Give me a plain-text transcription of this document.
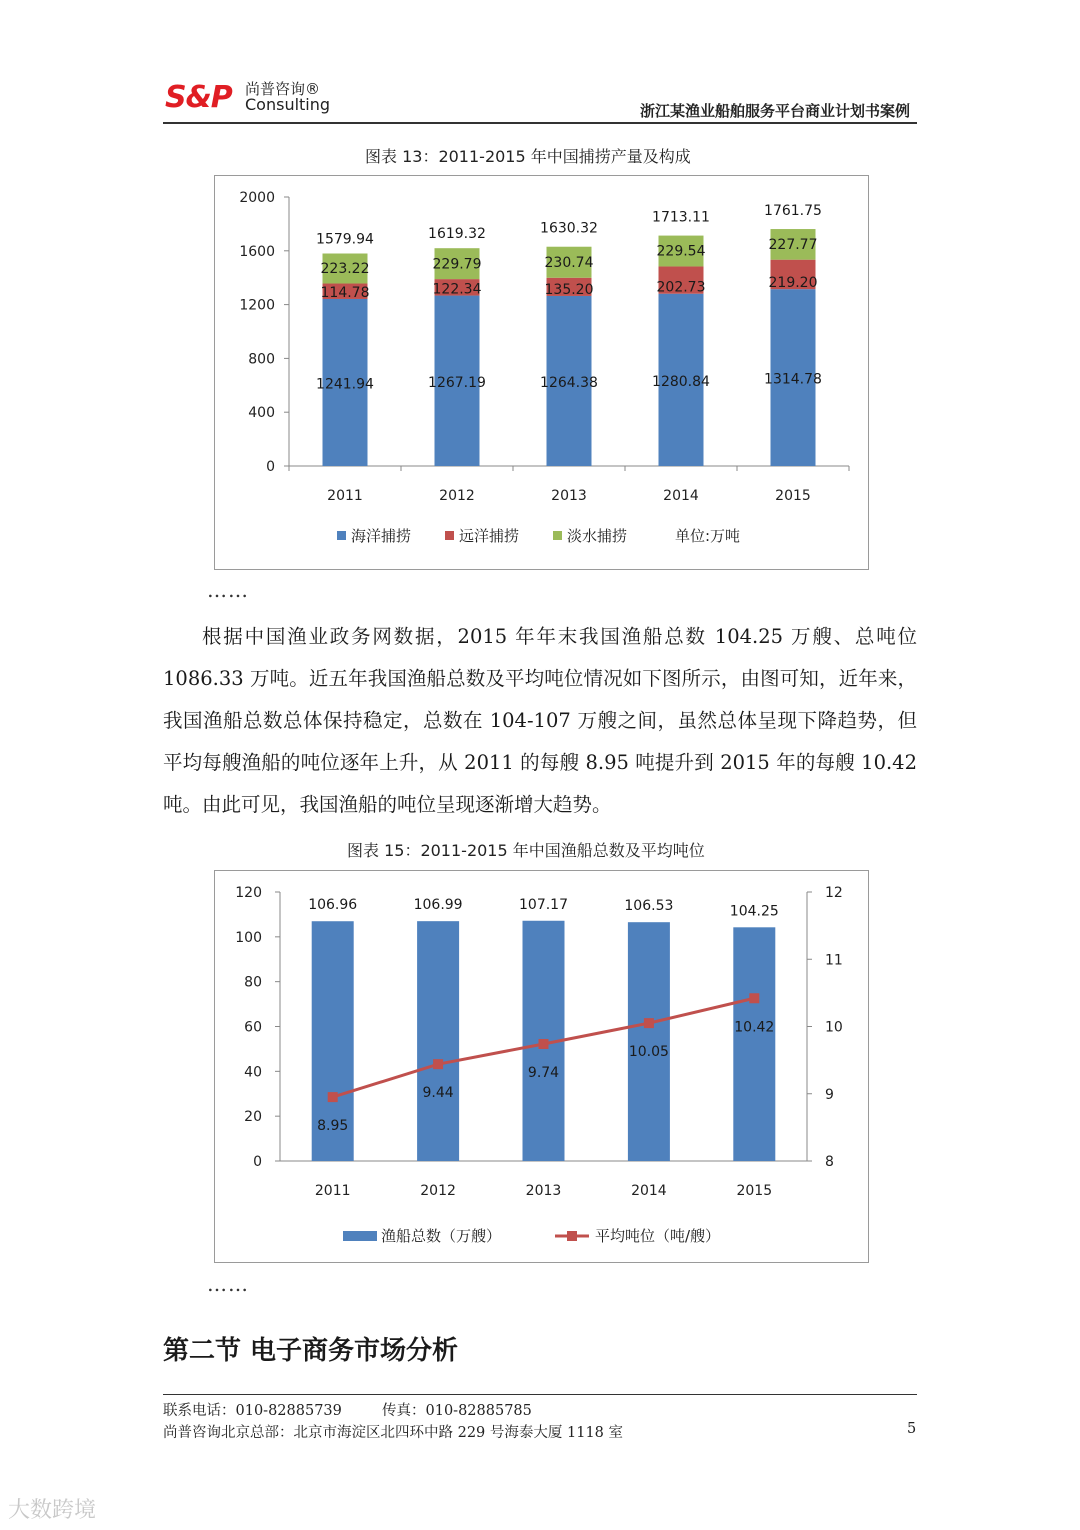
S&P 尚普咨询®
Consulting	浙江某渔业船舶服务平台商业计划书案例
图表 13：2011-2015 年中国捕捞产量及构成
0
400
800
1200
1600
2000
1241.94
114.78
223.22
1579.94
2011
1267.19
122.34
229.79
1619.32
2012
1264.38
135.20
230.74
1630.32
2013
1280.84
202.73
229.54
1713.11
2014
1314.78
219.20
227.77
1761.75
2015
海洋捕捞	远洋捕捞	淡水捕捞	单位:万吨
……

根据中国渔业政务网数据，2015 年年末我国渔船总数 104.25 万艘、总吨位 1086.33 万吨。近五年我国渔船总数及平均吨位情况如下图所示，由图可知，近年来，我国渔船总数总体保持稳定，总数在 104-107 万艘之间，虽然总体呈现下降趋势，但平均每艘渔船的吨位逐年上升，从 2011 的每艘 8.95 吨提升到 2015 年的每艘 10.42 吨。由此可见，我国渔船的吨位呈现逐渐增大趋势。

图表 15：2011-2015 年中国渔船总数及平均吨位
0
20
40
60
80
100
120
8
9
10
11
12
106.96
2011
106.99
2012
107.17
2013
106.53
2014
104.25
2015
8.95
9.44
9.74
10.05
10.42
渔船总数（万艘）	平均吨位（吨/艘）
……
第二节 电子商务市场分析
联系电话：010-82885739	传真：010-82885785
尚普咨询北京总部：北京市海淀区北四环中路 229 号海泰大厦 1118 室	5
大数跨境
